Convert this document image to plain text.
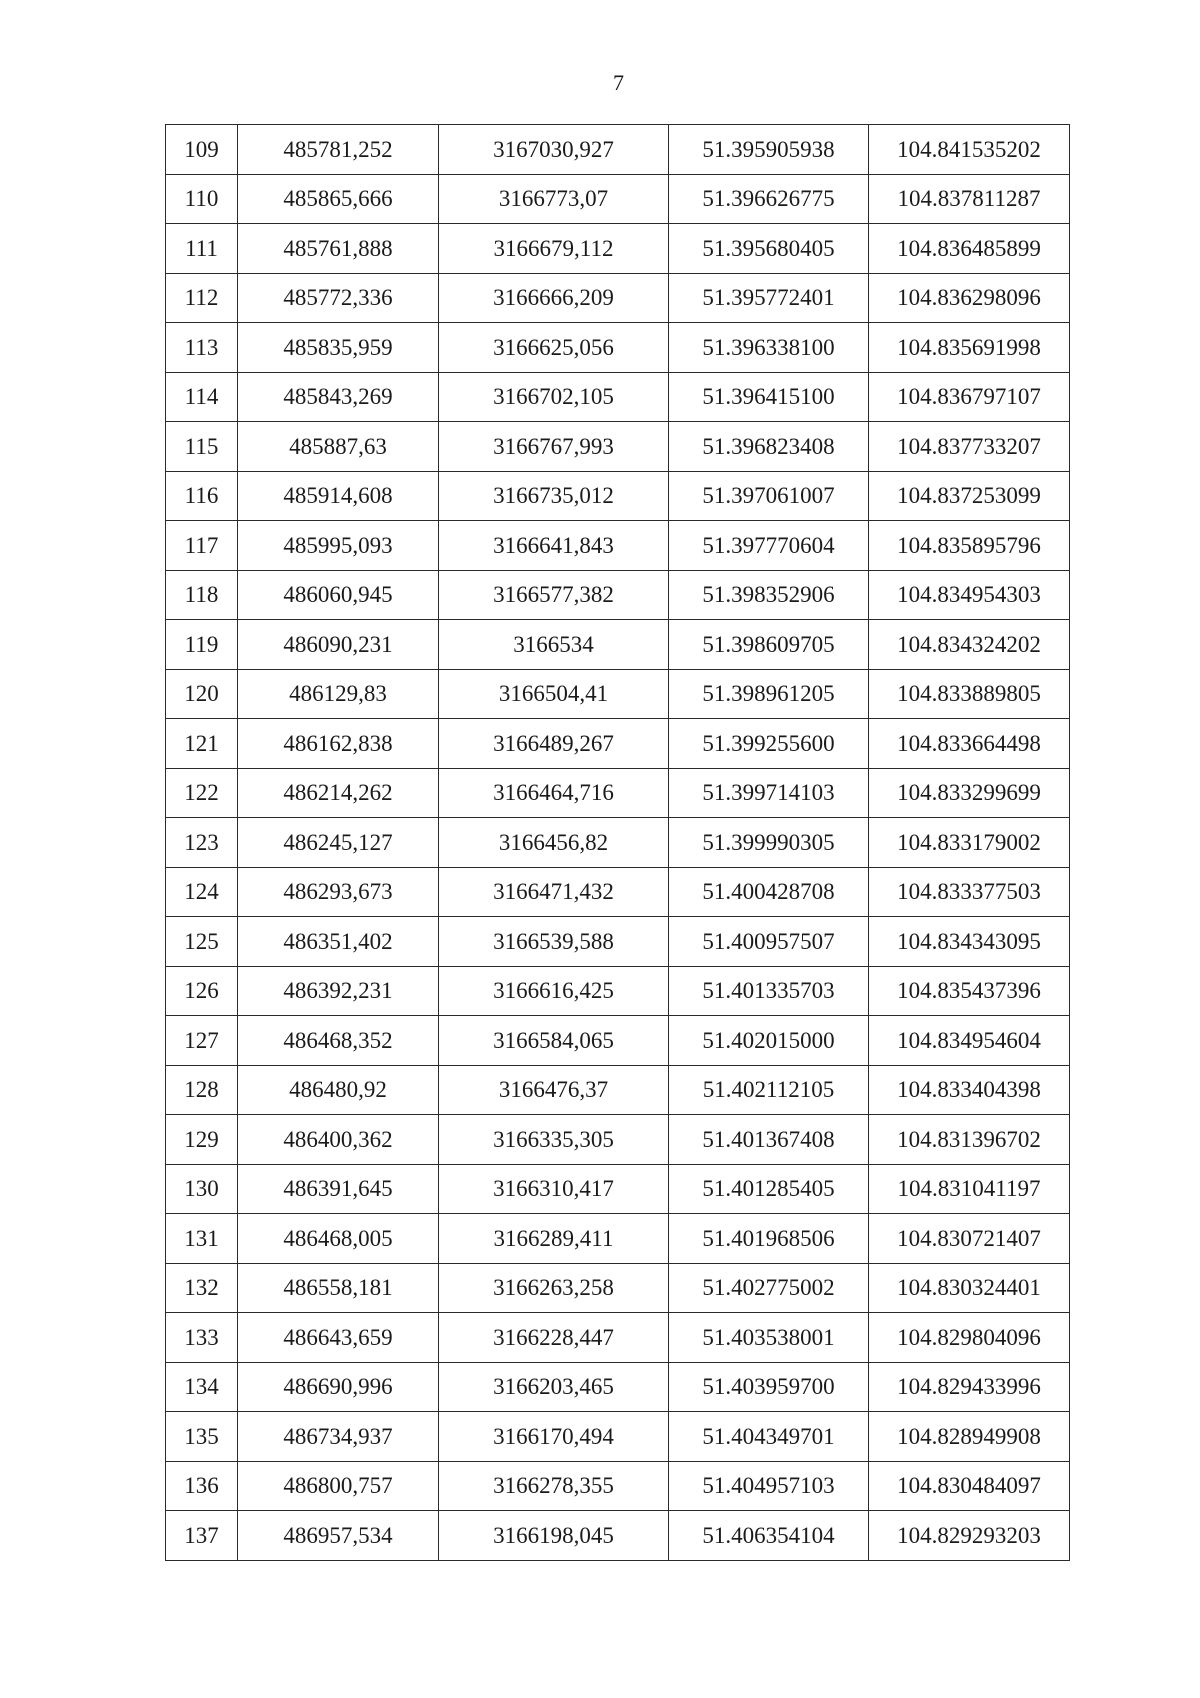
7
109	485781,252	3167030,927	51.395905938	104.841535202
110	485865,666	3166773,07	51.396626775	104.837811287
111	485761,888	3166679,112	51.395680405	104.836485899
112	485772,336	3166666,209	51.395772401	104.836298096
113	485835,959	3166625,056	51.396338100	104.835691998
114	485843,269	3166702,105	51.396415100	104.836797107
115	485887,63	3166767,993	51.396823408	104.837733207
116	485914,608	3166735,012	51.397061007	104.837253099
117	485995,093	3166641,843	51.397770604	104.835895796
118	486060,945	3166577,382	51.398352906	104.834954303
119	486090,231	3166534	51.398609705	104.834324202
120	486129,83	3166504,41	51.398961205	104.833889805
121	486162,838	3166489,267	51.399255600	104.833664498
122	486214,262	3166464,716	51.399714103	104.833299699
123	486245,127	3166456,82	51.399990305	104.833179002
124	486293,673	3166471,432	51.400428708	104.833377503
125	486351,402	3166539,588	51.400957507	104.834343095
126	486392,231	3166616,425	51.401335703	104.835437396
127	486468,352	3166584,065	51.402015000	104.834954604
128	486480,92	3166476,37	51.402112105	104.833404398
129	486400,362	3166335,305	51.401367408	104.831396702
130	486391,645	3166310,417	51.401285405	104.831041197
131	486468,005	3166289,411	51.401968506	104.830721407
132	486558,181	3166263,258	51.402775002	104.830324401
133	486643,659	3166228,447	51.403538001	104.829804096
134	486690,996	3166203,465	51.403959700	104.829433996
135	486734,937	3166170,494	51.404349701	104.828949908
136	486800,757	3166278,355	51.404957103	104.830484097
137	486957,534	3166198,045	51.406354104	104.829293203
